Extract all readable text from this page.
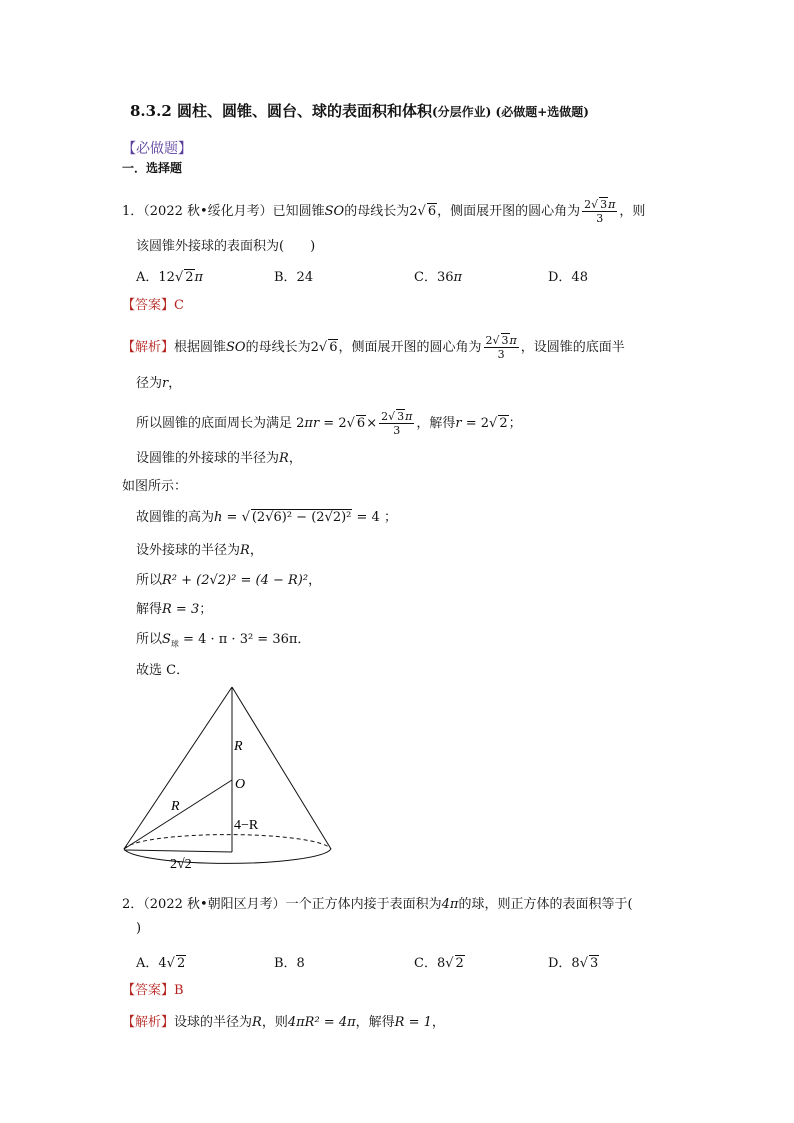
8.3.2 圆柱、圆锥、圆台、球的表面积和体积(分层作业) (必做题+选做题)
【必做题】
一．选择题
1．（2022 秋•绥化月考）已知圆锥SO的母线长为2√ 6，侧面展开图的圆心角为 $\frac{2√ 3\pi}{3}$ ，则
该圆锥外接球的表面积为(　　)
A．12√ 2π	B．24	C．36π	D．48
【答案】C
【解析】根据圆锥SO的母线长为2√ 6，侧面展开图的圆心角为 $\frac{2√ 3\pi}{3}$ ，设圆锥的底面半
径为r，
所以圆锥的底面周长为满足 2πr = 2√ $6\times \frac{2√ 3\pi}{3}$ ，解得r = 2√ 2；
设圆锥的外接球的半径为R，
如图所示：
故圆锥的高为h = √ (2√6)² − (2√2)² = 4 ；
设外接球的半径为R，
所以R² + (2√2)² = (4 − R)²，
解得R = 3；
所以$S_球 = 4 \cdot \pi \cdot 3^2 = 36\pi$．
故选 C．
R
O
R
4−R
2√2
2．（2022 秋•朝阳区月考）一个正方体内接于表面积为4π的球，则正方体的表面积等于(
)
A．4√ 2	B．8	C．8√ 2	D．8√ 3
【答案】B
【解析】设球的半径为R，则4πR² = 4π，解得R = 1，
